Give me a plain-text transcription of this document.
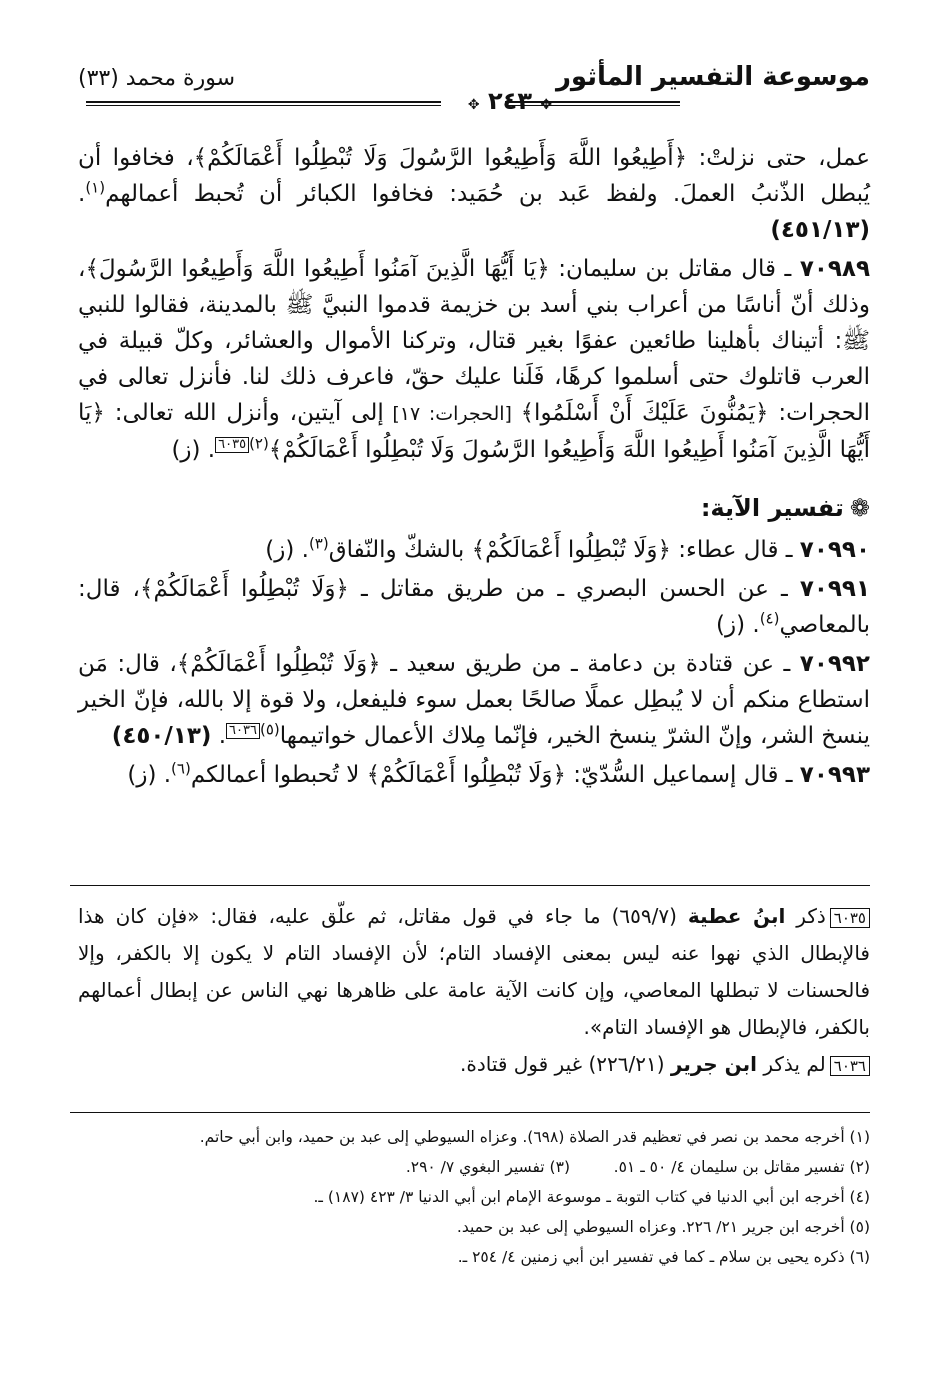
موسوعة التفسير المأثور
✥ ٢٤٣ ✥
سورة محمد (٣٣)

عمل، حتى نزلتْ: ﴿أَطِيعُوا اللَّهَ وَأَطِيعُوا الرَّسُولَ وَلَا تُبْطِلُوا أَعْمَالَكُمْ﴾، فخافوا أن يُبطل الذّنبُ العملَ. ولفظ عَبد بن حُمَيد: فخافوا الكبائر أن تُحبط أعمالهم$^{(١)}$. (٤٥١/١٣)

٧٠٩٨٩ ـ قال مقاتل بن سليمان: ﴿يَا أَيُّهَا الَّذِينَ آمَنُوا أَطِيعُوا اللَّهَ وَأَطِيعُوا الرَّسُولَ﴾، وذلك أنّ أناسًا من أعراب بني أسد بن خزيمة قدموا النبيَّ ﷺ بالمدينة، فقالوا للنبي ﷺ: أتيناك بأهلينا طائعين عفوًا بغير قتال، وتركنا الأموال والعشائر، وكلّ قبيلة في العرب قاتلوك حتى أسلموا كرهًا، فَلَنا عليك حقّ، فاعرف ذلك لنا. فأنزل تعالى في الحجرات: ﴿يَمُنُّونَ عَلَيْكَ أَنْ أَسْلَمُوا﴾ [الحجرات: ١٧] إلى آيتين، وأنزل الله تعالى: ﴿يَا أَيُّهَا الَّذِينَ آمَنُوا أَطِيعُوا اللَّهَ وَأَطِيعُوا الرَّسُولَ وَلَا تُبْطِلُوا أَعْمَالَكُمْ﴾$^{(٢)}$٦٠٣٥. (ز)

❁تفسير الآية:

٧٠٩٩٠ ـ قال عطاء: ﴿وَلَا تُبْطِلُوا أَعْمَالَكُمْ﴾ بالشكّ والنّفاق$^{(٣)}$. (ز)

٧٠٩٩١ ـ عن الحسن البصري ـ من طريق مقاتل ـ ﴿وَلَا تُبْطِلُوا أَعْمَالَكُمْ﴾، قال: بالمعاصي$^{(٤)}$. (ز)

٧٠٩٩٢ ـ عن قتادة بن دعامة ـ من طريق سعيد ـ ﴿وَلَا تُبْطِلُوا أَعْمَالَكُمْ﴾، قال: مَن استطاع منكم أن لا يُبطِل عملًا صالحًا بعمل سوء فليفعل، ولا قوة إلا بالله، فإنّ الخير ينسخ الشر، وإنّ الشرّ ينسخ الخير، فإنّما مِلاك الأعمال خواتيمها$^{(٥)}$٦٠٣٦. (٤٥٠/١٣)

٧٠٩٩٣ ـ قال إسماعيل السُّدّيّ: ﴿وَلَا تُبْطِلُوا أَعْمَالَكُمْ﴾ لا تُحبطوا أعمالكم$^{(٦)}$. (ز)

٦٠٣٥ذكر ابنُ عطية (٦٥٩/٧) ما جاء في قول مقاتل، ثم علّق عليه، فقال: «فإن كان هذا فالإبطال الذي نهوا عنه ليس بمعنى الإفساد التام؛ لأن الإفساد التام لا يكون إلا بالكفر، وإلا فالحسنات لا تبطلها المعاصي، وإن كانت الآية عامة على ظاهرها نهي الناس عن إبطال أعمالهم بالكفر، فالإبطال هو الإفساد التام».

٦٠٣٦لم يذكر ابن جرير (٢٢٦/٢١) غير قول قتادة.

(١) أخرجه محمد بن نصر في تعظيم قدر الصلاة (٦٩٨). وعزاه السيوطي إلى عبد بن حميد، وابن أبي حاتم.

(٢) تفسير مقاتل بن سليمان ٤/ ٥٠ ـ ٥١.
(٣) تفسير البغوي ٧/ ٢٩٠.

(٤) أخرجه ابن أبي الدنيا في كتاب التوبة ـ موسوعة الإمام ابن أبي الدنيا ٣/ ٤٢٣ (١٨٧) ـ.

(٥) أخرجه ابن جرير ٢١/ ٢٢٦. وعزاه السيوطي إلى عبد بن حميد.

(٦) ذكره يحيى بن سلام ـ كما في تفسير ابن أبي زمنين ٤/ ٢٥٤ ـ.
